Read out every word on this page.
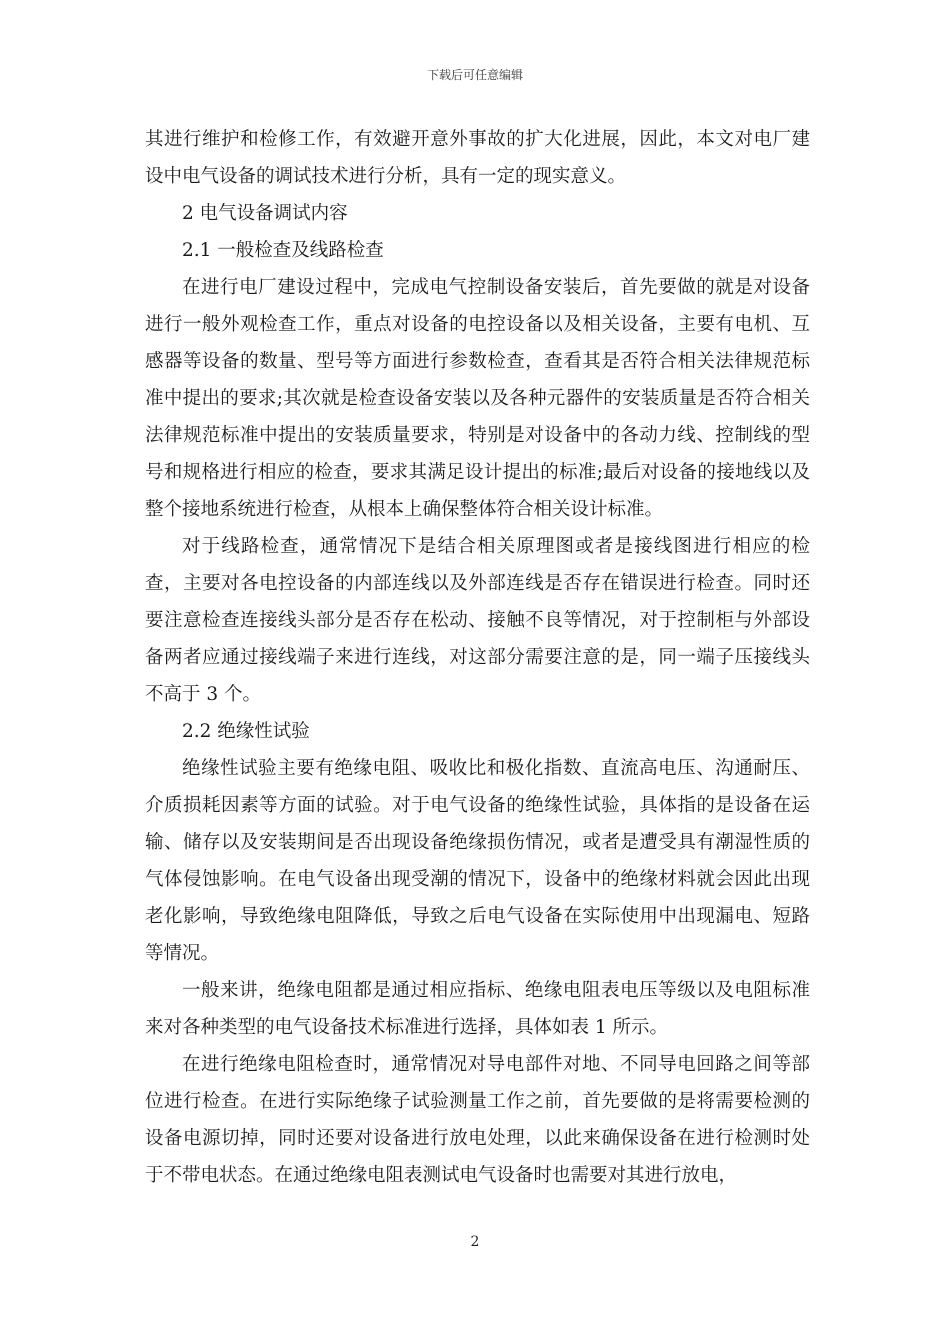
下载后可任意编辑

其进行维护和检修工作，有效避开意外事故的扩大化进展，因此，本文对电厂建设中电气设备的调试技术进行分析，具有一定的现实意义。

2 电气设备调试内容

2.1 一般检查及线路检查

在进行电厂建设过程中，完成电气控制设备安装后，首先要做的就是对设备进行一般外观检查工作，重点对设备的电控设备以及相关设备，主要有电机、互感器等设备的数量、型号等方面进行参数检查，查看其是否符合相关法律规范标准中提出的要求;其次就是检查设备安装以及各种元器件的安装质量是否符合相关法律规范标准中提出的安装质量要求，特别是对设备中的各动力线、控制线的型号和规格进行相应的检查，要求其满足设计提出的标准;最后对设备的接地线以及整个接地系统进行检查，从根本上确保整体符合相关设计标准。

对于线路检查，通常情况下是结合相关原理图或者是接线图进行相应的检查，主要对各电控设备的内部连线以及外部连线是否存在错误进行检查。同时还要注意检查连接线头部分是否存在松动、接触不良等情况，对于控制柜与外部设备两者应通过接线端子来进行连线，对这部分需要注意的是，同一端子压接线头不高于 3 个。

2.2 绝缘性试验

绝缘性试验主要有绝缘电阻、吸收比和极化指数、直流高电压、沟通耐压、介质损耗因素等方面的试验。对于电气设备的绝缘性试验，具体指的是设备在运输、储存以及安装期间是否出现设备绝缘损伤情况，或者是遭受具有潮湿性质的气体侵蚀影响。在电气设备出现受潮的情况下，设备中的绝缘材料就会因此出现老化影响，导致绝缘电阻降低，导致之后电气设备在实际使用中出现漏电、短路等情况。

一般来讲，绝缘电阻都是通过相应指标、绝缘电阻表电压等级以及电阻标准来对各种类型的电气设备技术标准进行选择，具体如表 1 所示。

在进行绝缘电阻检查时，通常情况对导电部件对地、不同导电回路之间等部位进行检查。在进行实际绝缘子试验测量工作之前，首先要做的是将需要检测的设备电源切掉，同时还要对设备进行放电处理，以此来确保设备在进行检测时处于不带电状态。在通过绝缘电阻表测试电气设备时也需要对其进行放电，

2
